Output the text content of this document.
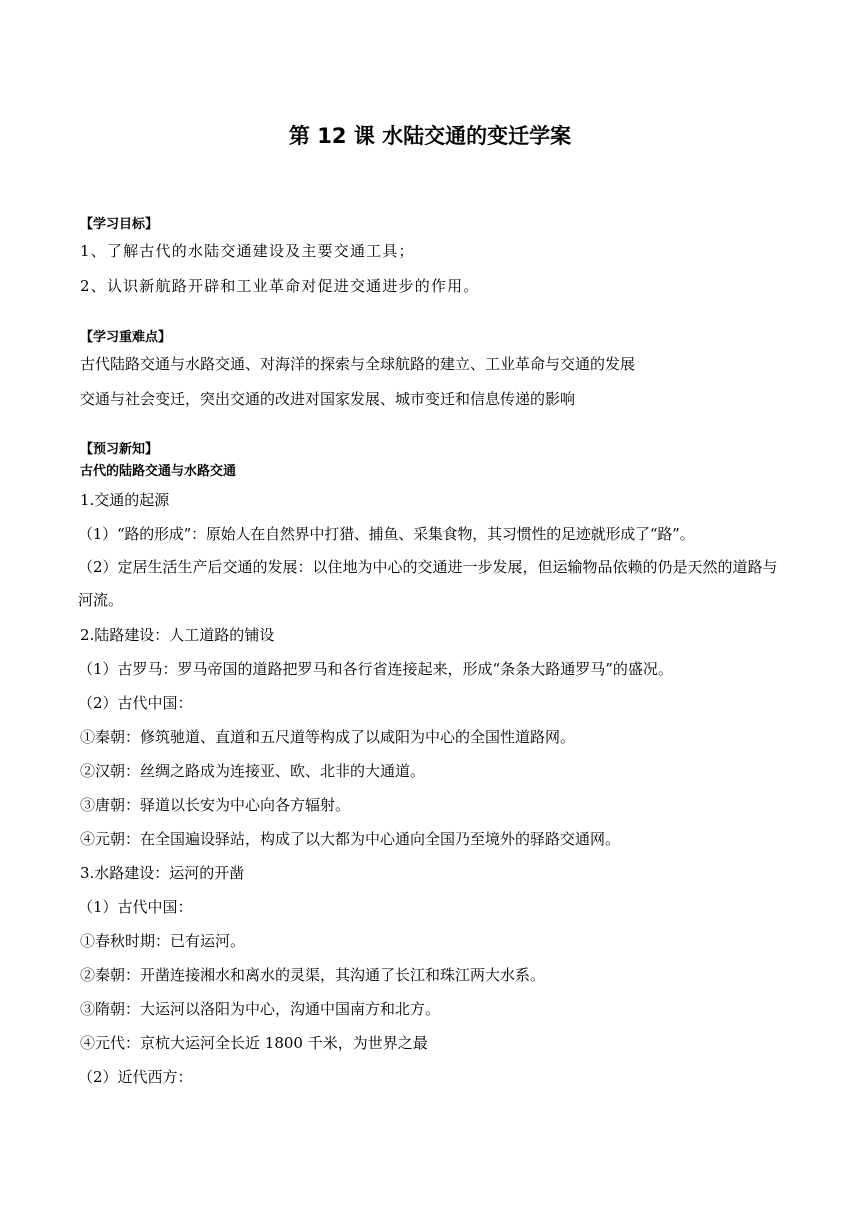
第 12 课 水陆交通的变迁学案
【学习目标】
1、了解古代的水陆交通建设及主要交通工具；
2、认识新航路开辟和工业革命对促进交通进步的作用。
【学习重难点】
古代陆路交通与水路交通、对海洋的探索与全球航路的建立、工业革命与交通的发展
交通与社会变迁，突出交通的改进对国家发展、城市变迁和信息传递的影响
【预习新知】
古代的陆路交通与水路交通
1.交通的起源
（1）“路的形成”：原始人在自然界中打猎、捕鱼、采集食物，其习惯性的足迹就形成了“路”。
（2）定居生活生产后交通的发展：以住地为中心的交通进一步发展，但运输物品依赖的仍是天然的道路与河流。
2.陆路建设：人工道路的铺设
（1）古罗马：罗马帝国的道路把罗马和各行省连接起来，形成“条条大路通罗马”的盛况。
（2）古代中国：
①秦朝：修筑驰道、直道和五尺道等构成了以咸阳为中心的全国性道路网。
②汉朝：丝绸之路成为连接亚、欧、北非的大通道。
③唐朝：驿道以长安为中心向各方辐射。
④元朝：在全国遍设驿站，构成了以大都为中心通向全国乃至境外的驿路交通网。
3.水路建设：运河的开凿
（1）古代中国：
①春秋时期：已有运河。
②秦朝：开凿连接湘水和离水的灵渠，其沟通了长江和珠江两大水系。
③隋朝：大运河以洛阳为中心，沟通中国南方和北方。
④元代：京杭大运河全长近 1800 千米，为世界之最
（2）近代西方：
